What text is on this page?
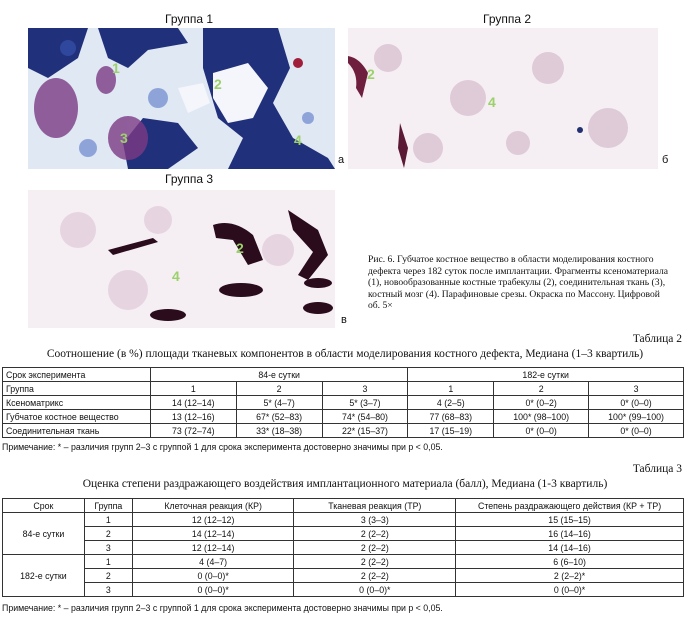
Группа 1	Группа 2
Группа 3
1
2
3	4
а
2
4
б
2
4
в
Рис. 6. Губчатое костное вещество в области моделирования костного дефекта через 182 суток после имплантации. Фрагменты ксеноматериала (1), новообразованные костные трабекулы (2), соединительная ткань (3), костный мозг (4). Парафиновые срезы. Окраска по Массону. Цифровой об. 5×
Таблица 2
Соотношение (в %) площади тканевых компонентов в области моделирования костного дефекта, Медиана (1–3 квартиль)
Срок эксперимента	84-е сутки			182-е сутки		
Группа	1	2	3	1	2	3
Ксеноматрикс	14 (12–14)	5* (4–7)	5* (3–7)	4 (2–5)	0* (0–2)	0* (0–0)
Губчатое костное вещество	13 (12–16)	67* (52–83)	74* (54–80)	77 (68–83)	100* (98–100)	100* (99–100)
Соединительная ткань	73 (72–74)	33* (18–38)	22* (15–37)	17 (15–19)	0* (0–0)	0* (0–0)
Примечание: * – различия групп 2–3 с группой 1 для срока эксперимента достоверно значимы при р < 0,05.
Таблица 3
Оценка степени раздражающего воздействия имплантационного материала (балл), Медиана (1-3 квартиль)
Срок	Группа	Клеточная реакция (КР)	Тканевая реакция (ТР)	Степень раздражающего действия (КР + ТР)
84-е сутки	1	12 (12–12)	3 (3–3)	15 (15–15)
	2	14 (12–14)	2 (2–2)	16 (14–16)
	3	12 (12–14)	2 (2–2)	14 (14–16)
182-е сутки	1	4 (4–7)	2 (2–2)	6 (6–10)
	2	0 (0–0)*	2 (2–2)	2 (2–2)*
	3	0 (0–0)*	0 (0–0)*	0 (0–0)*
Примечание: * – различия групп 2–3 с группой 1 для срока эксперимента достоверно значимы при р < 0,05.
